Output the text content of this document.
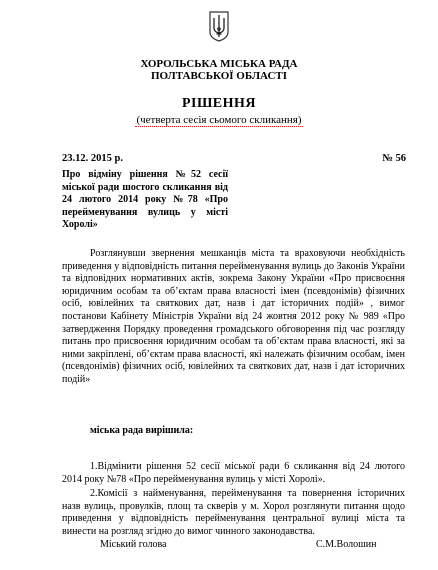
ХОРОЛЬСЬКА МІСЬКА РАДА
ПОЛТАВСЬКОЇ ОБЛАСТІ
РІШЕННЯ
(четверта сесія сьомого скликання)
23.12. 2015 р.	№ 56
Про відміну рішення №52 сесії міської ради шостого скликання від 24 лютого 2014 року №78 «Про перейменування вулиць у місті Хоролі»
Розглянувши звернення мешканців міста та враховуючи необхідність приведення у відповідність питання перейменування вулиць до Законів України та відповідних нормативних актів, зокрема Закону України «Про присвоєння юридичним особам та об’єктам права власності імен (псевдонімів) фізичних осіб, ювілейних та святкових дат, назв і дат історичних подій» , вимог постанови Кабінету Міністрів України від 24 жовтня 2012 року № 989 «Про затвердження Порядку проведення громадського обговорення під час розгляду питань про присвоєння юридичним особам та об’єктам права власності, які за ними закріплені, об’єктам права власності, які належать фізичним особам, імен (псевдонімів) фізичних осіб, ювілейних та святкових дат, назв і дат історичних подій»
міська рада вирішила:
1.Відмінити рішення 52 сесії міської ради 6 скликання від 24 лютого 2014 року №78 «Про перейменування вулиць у місті Хоролі».
2.Комісії з найменування, перейменування та повернення історичних назв вулиць, провулків, площ та скверів у м. Хорол розглянути питання щодо приведення у відповідність перейменування центральної вулиці міста та винести на розгляд згідно до вимог чинного законодавства.
Міський голова	С.М.Волошин
